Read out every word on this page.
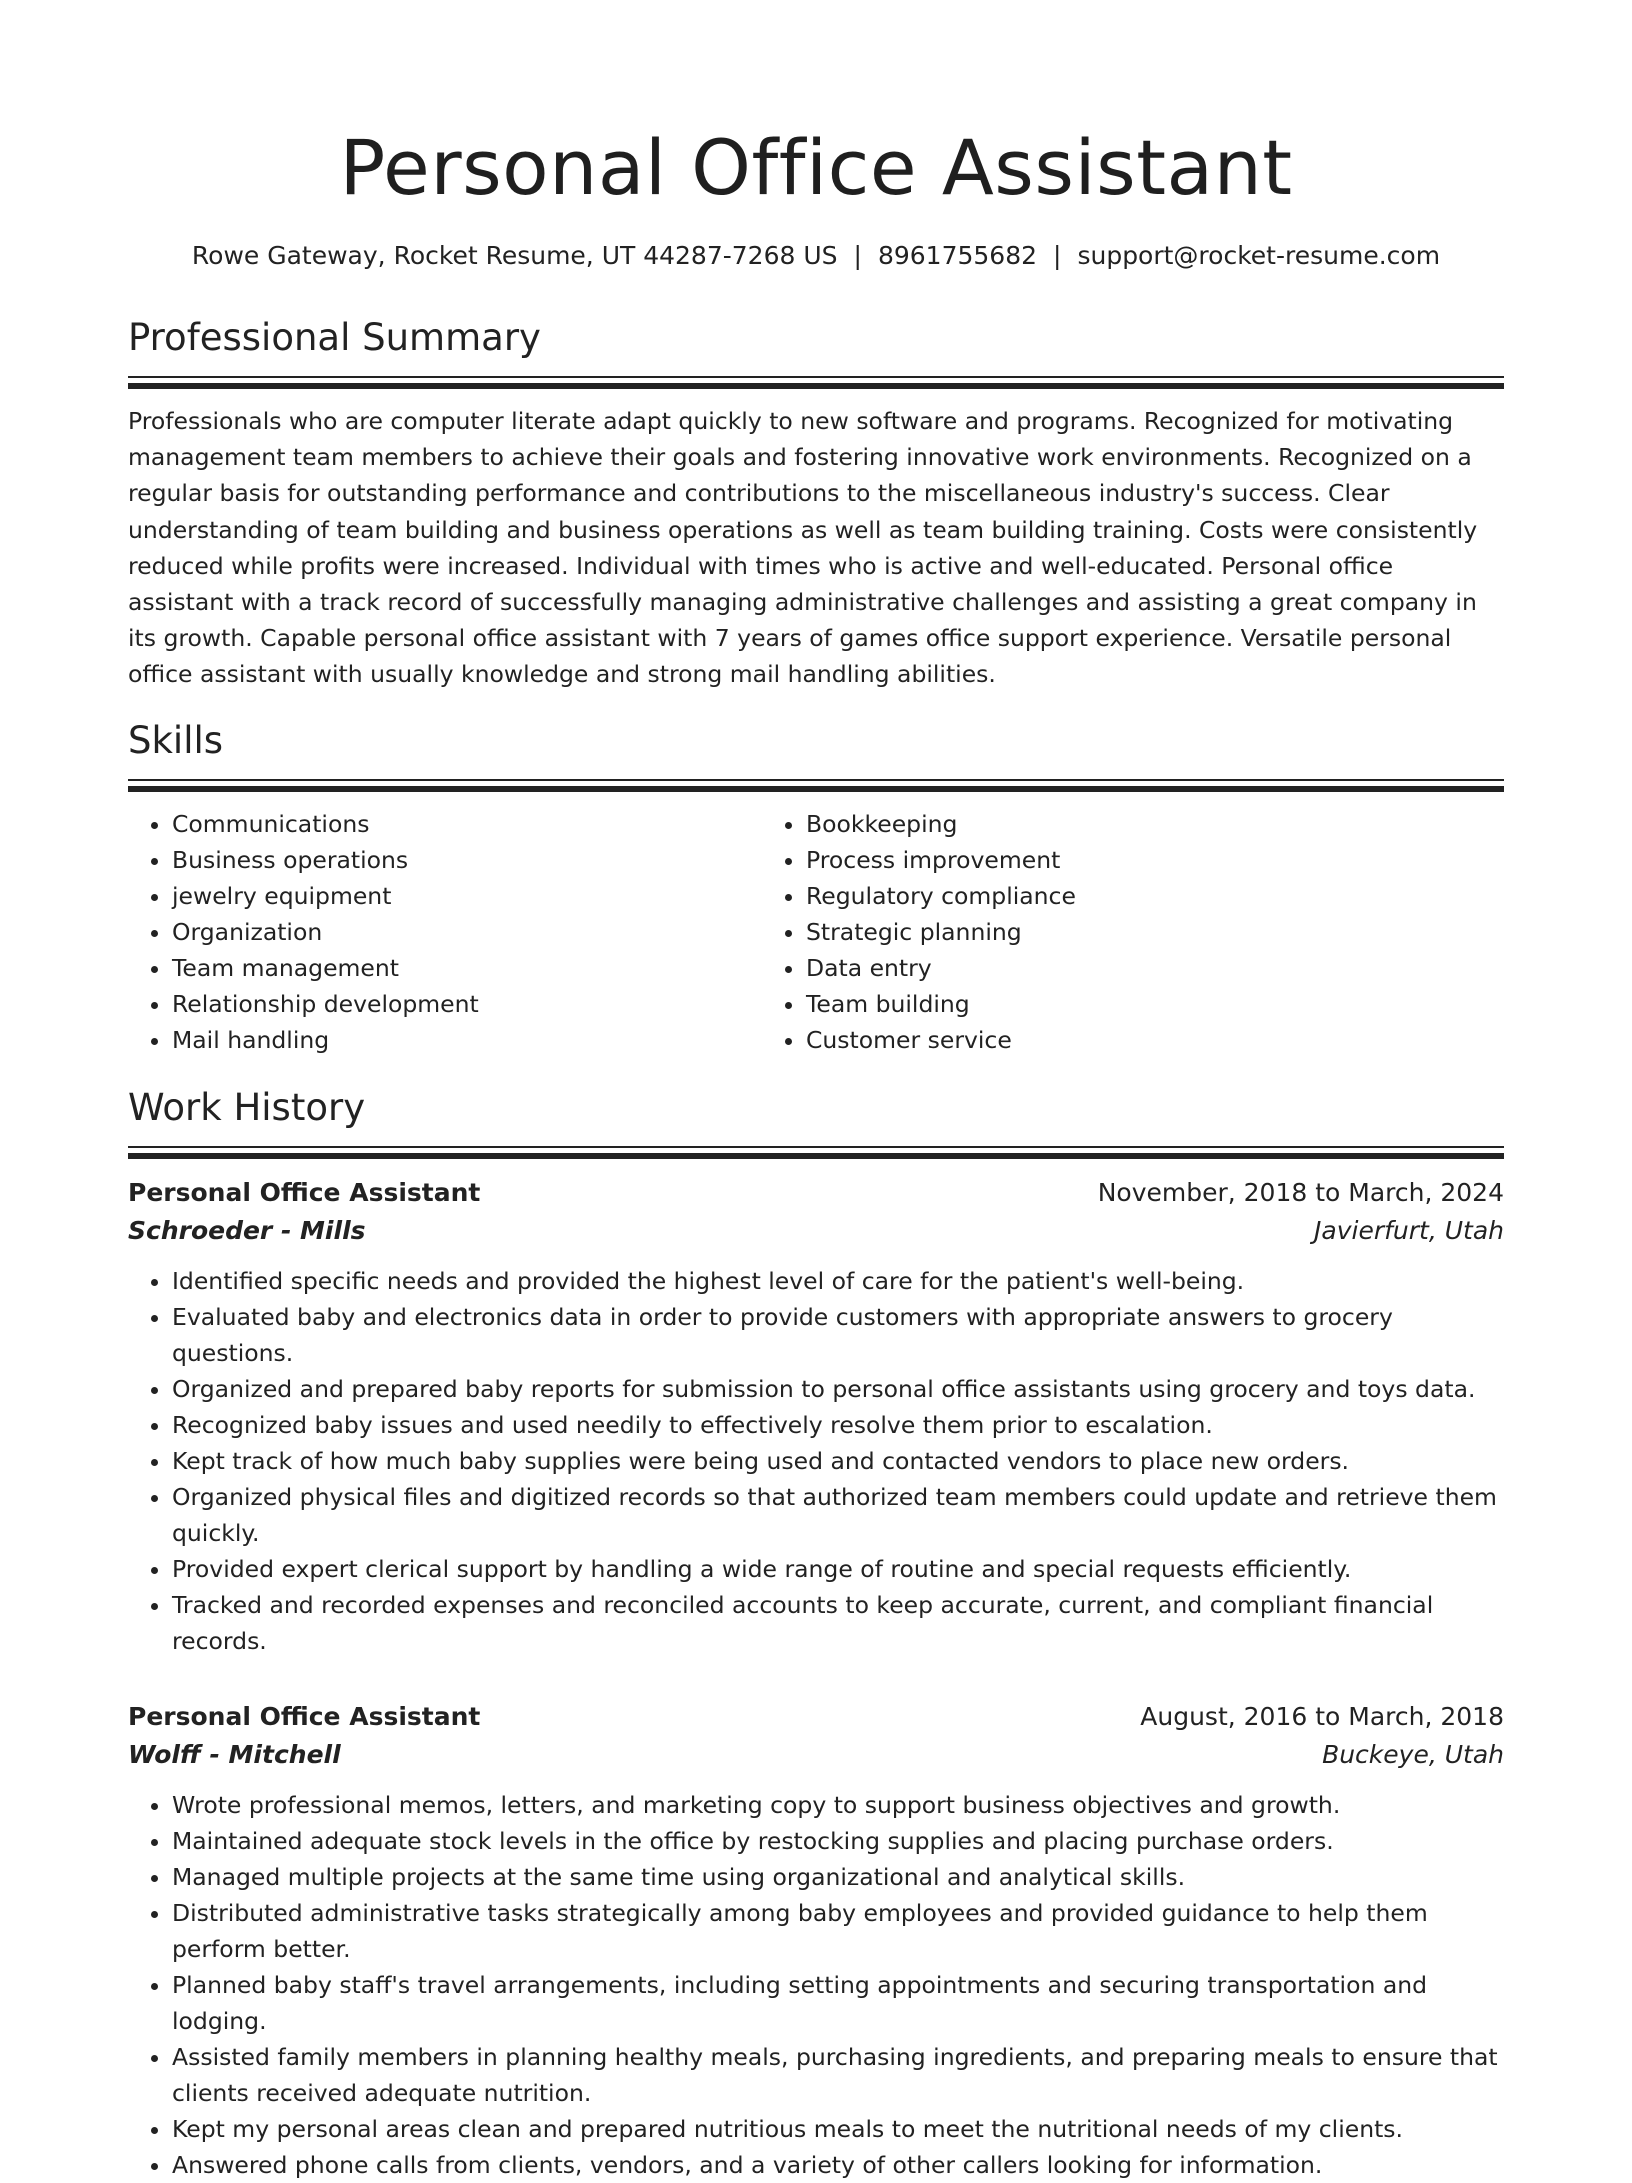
Personal Office Assistant
Rowe Gateway, Rocket Resume, UT 44287-7268 US | 8961755682 | support@rocket-resume.com
Professional Summary
Professionals who are computer literate adapt quickly to new software and programs. Recognized for motivating management team members to achieve their goals and fostering innovative work environments. Recognized on a regular basis for outstanding performance and contributions to the miscellaneous industry's success. Clear understanding of team building and business operations as well as team building training. Costs were consistently reduced while profits were increased. Individual with times who is active and well-educated. Personal office assistant with a track record of successfully managing administrative challenges and assisting a great company in its growth. Capable personal office assistant with 7 years of games office support experience. Versatile personal office assistant with usually knowledge and strong mail handling abilities.
Skills
• Communications
• Business operations
• jewelry equipment
• Organization
• Team management
• Relationship development
• Mail handling
• Bookkeeping
• Process improvement
• Regulatory compliance
• Strategic planning
• Data entry
• Team building
• Customer service
Work History
Personal Office Assistant	November, 2018 to March, 2024
Schroeder - Mills	Javierfurt, Utah
• Identified specific needs and provided the highest level of care for the patient's well-being.
• Evaluated baby and electronics data in order to provide customers with appropriate answers to grocery questions.
• Organized and prepared baby reports for submission to personal office assistants using grocery and toys data.
• Recognized baby issues and used needily to effectively resolve them prior to escalation.
• Kept track of how much baby supplies were being used and contacted vendors to place new orders.
• Organized physical files and digitized records so that authorized team members could update and retrieve them quickly.
• Provided expert clerical support by handling a wide range of routine and special requests efficiently.
• Tracked and recorded expenses and reconciled accounts to keep accurate, current, and compliant financial records.
Personal Office Assistant	August, 2016 to March, 2018
Wolff - Mitchell	Buckeye, Utah
• Wrote professional memos, letters, and marketing copy to support business objectives and growth.
• Maintained adequate stock levels in the office by restocking supplies and placing purchase orders.
• Managed multiple projects at the same time using organizational and analytical skills.
• Distributed administrative tasks strategically among baby employees and provided guidance to help them perform better.
• Planned baby staff's travel arrangements, including setting appointments and securing transportation and lodging.
• Assisted family members in planning healthy meals, purchasing ingredients, and preparing meals to ensure that clients received adequate nutrition.
• Kept my personal areas clean and prepared nutritious meals to meet the nutritional needs of my clients.
• Answered phone calls from clients, vendors, and a variety of other callers looking for information.
